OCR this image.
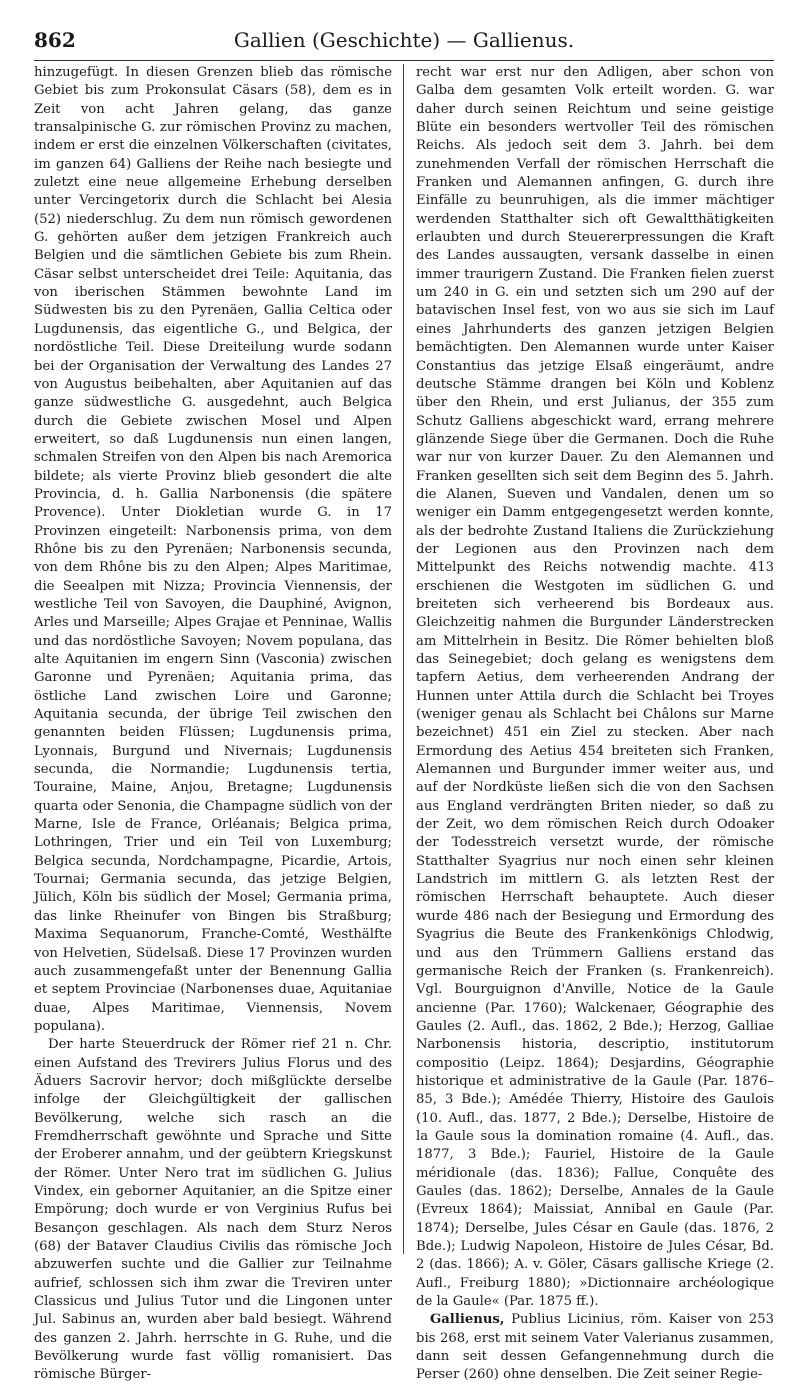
862	Gallien (Geschichte) — Gallienus.

hinzugefügt. In diesen Grenzen blieb das römische Gebiet bis zum Prokonsulat Cäsars (58), dem es in Zeit von acht Jahren gelang, das ganze transalpinische G. zur römischen Provinz zu machen, indem er erst die einzelnen Völkerschaften (civitates, im ganzen 64) Galliens der Reihe nach besiegte und zuletzt eine neue allgemeine Erhebung derselben unter Vercingetorix durch die Schlacht bei Alesia (52) niederschlug. Zu dem nun römisch gewordenen G. gehörten außer dem jetzigen Frankreich auch Belgien und die sämtlichen Gebiete bis zum Rhein. Cäsar selbst unterscheidet drei Teile: Aquitania, das von iberischen Stämmen bewohnte Land im Südwesten bis zu den Pyrenäen, Gallia Celtica oder Lugdunensis, das eigentliche G., und Belgica, der nordöstliche Teil. Diese Dreiteilung wurde sodann bei der Organisation der Verwaltung des Landes 27 von Augustus beibehalten, aber Aquitanien auf das ganze südwestliche G. ausgedehnt, auch Belgica durch die Gebiete zwischen Mosel und Alpen erweitert, so daß Lugdunensis nun einen langen, schmalen Streifen von den Alpen bis nach Aremorica bildete; als vierte Provinz blieb gesondert die alte Provincia, d. h. Gallia Narbonensis (die spätere Provence). Unter Diokletian wurde G. in 17 Provinzen eingeteilt: Narbonensis prima, von dem Rhône bis zu den Pyrenäen; Narbonensis secunda, von dem Rhône bis zu den Alpen; Alpes Maritimae, die Seealpen mit Nizza; Provincia Viennensis, der westliche Teil von Savoyen, die Dauphiné, Avignon, Arles und Marseille; Alpes Grajae et Penninae, Wallis und das nordöstliche Savoyen; Novem populana, das alte Aquitanien im engern Sinn (Vasconia) zwischen Garonne und Pyrenäen; Aquitania prima, das östliche Land zwischen Loire und Garonne; Aquitania secunda, der übrige Teil zwischen den genannten beiden Flüssen; Lugdunensis prima, Lyonnais, Burgund und Nivernais; Lugdunensis secunda, die Normandie; Lugdunensis tertia, Touraine, Maine, Anjou, Bretagne; Lugdunensis quarta oder Senonia, die Champagne südlich von der Marne, Isle de France, Orléanais; Belgica prima, Lothringen, Trier und ein Teil von Luxemburg; Belgica secunda, Nordchampagne, Picardie, Artois, Tournai; Germania secunda, das jetzige Belgien, Jülich, Köln bis südlich der Mosel; Germania prima, das linke Rheinufer von Bingen bis Straßburg; Maxima Sequanorum, Franche-Comté, Westhälfte von Helvetien, Südelsaß. Diese 17 Provinzen wurden auch zusammengefaßt unter der Benennung Gallia et septem Provinciae (Narbonenses duae, Aquitaniae duae, Alpes Maritimae, Viennensis, Novem populana).

Der harte Steuerdruck der Römer rief 21 n. Chr. einen Aufstand des Trevirers Julius Florus und des Äduers Sacrovir hervor; doch mißglückte derselbe infolge der Gleichgültigkeit der gallischen Bevölkerung, welche sich rasch an die Fremdherrschaft gewöhnte und Sprache und Sitte der Eroberer annahm, und der geübtern Kriegskunst der Römer. Unter Nero trat im südlichen G. Julius Vindex, ein geborner Aquitanier, an die Spitze einer Empörung; doch wurde er von Verginius Rufus bei Besançon geschlagen. Als nach dem Sturz Neros (68) der Bataver Claudius Civilis das römische Joch abzuwerfen suchte und die Gallier zur Teilnahme aufrief, schlossen sich ihm zwar die Treviren unter Classicus und Julius Tutor und die Lingonen unter Jul. Sabinus an, wurden aber bald besiegt. Während des ganzen 2. Jahrh. herrschte in G. Ruhe, und die Bevölkerung wurde fast völlig romanisiert. Das römische Bürger-

recht war erst nur den Adligen, aber schon von Galba dem gesamten Volk erteilt worden. G. war daher durch seinen Reichtum und seine geistige Blüte ein besonders wertvoller Teil des römischen Reichs. Als jedoch seit dem 3. Jahrh. bei dem zunehmenden Verfall der römischen Herrschaft die Franken und Alemannen anfingen, G. durch ihre Einfälle zu beunruhigen, als die immer mächtiger werdenden Statthalter sich oft Gewaltthätigkeiten erlaubten und durch Steuererpressungen die Kraft des Landes aussaugten, versank dasselbe in einen immer traurigern Zustand. Die Franken fielen zuerst um 240 in G. ein und setzten sich um 290 auf der batavischen Insel fest, von wo aus sie sich im Lauf eines Jahrhunderts des ganzen jetzigen Belgien bemächtigten. Den Alemannen wurde unter Kaiser Constantius das jetzige Elsaß eingeräumt, andre deutsche Stämme drangen bei Köln und Koblenz über den Rhein, und erst Julianus, der 355 zum Schutz Galliens abgeschickt ward, errang mehrere glänzende Siege über die Germanen. Doch die Ruhe war nur von kurzer Dauer. Zu den Alemannen und Franken gesellten sich seit dem Beginn des 5. Jahrh. die Alanen, Sueven und Vandalen, denen um so weniger ein Damm entgegengesetzt werden konnte, als der bedrohte Zustand Italiens die Zurückziehung der Legionen aus den Provinzen nach dem Mittelpunkt des Reichs notwendig machte. 413 erschienen die Westgoten im südlichen G. und breiteten sich verheerend bis Bordeaux aus. Gleichzeitig nahmen die Burgunder Länderstrecken am Mittelrhein in Besitz. Die Römer behielten bloß das Seinegebiet; doch gelang es wenigstens dem tapfern Aetius, dem verheerenden Andrang der Hunnen unter Attila durch die Schlacht bei Troyes (weniger genau als Schlacht bei Châlons sur Marne bezeichnet) 451 ein Ziel zu stecken. Aber nach Ermordung des Aetius 454 breiteten sich Franken, Alemannen und Burgunder immer weiter aus, und auf der Nordküste ließen sich die von den Sachsen aus England verdrängten Briten nieder, so daß zu der Zeit, wo dem römischen Reich durch Odoaker der Todesstreich versetzt wurde, der römische Statthalter Syagrius nur noch einen sehr kleinen Landstrich im mittlern G. als letzten Rest der römischen Herrschaft behauptete. Auch dieser wurde 486 nach der Besiegung und Ermordung des Syagrius die Beute des Frankenkönigs Chlodwig, und aus den Trümmern Galliens erstand das germanische Reich der Franken (s. Frankenreich). Vgl. Bourguignon d'Anville, Notice de la Gaule ancienne (Par. 1760); Walckenaer, Géographie des Gaules (2. Aufl., das. 1862, 2 Bde.); Herzog, Galliae Narbonensis historia, descriptio, institutorum compositio (Leipz. 1864); Desjardins, Géographie historique et administrative de la Gaule (Par. 1876–85, 3 Bde.); Amédée Thierry, Histoire des Gaulois (10. Aufl., das. 1877, 2 Bde.); Derselbe, Histoire de la Gaule sous la domination romaine (4. Aufl., das. 1877, 3 Bde.); Fauriel, Histoire de la Gaule méridionale (das. 1836); Fallue, Conquête des Gaules (das. 1862); Derselbe, Annales de la Gaule (Evreux 1864); Maissiat, Annibal en Gaule (Par. 1874); Derselbe, Jules César en Gaule (das. 1876, 2 Bde.); Ludwig Napoleon, Histoire de Jules César, Bd. 2 (das. 1866); A. v. Göler, Cäsars gallische Kriege (2. Aufl., Freiburg 1880); »Dictionnaire archéologique de la Gaule« (Par. 1875 ff.).

Gallienus, Publius Licinius, röm. Kaiser von 253 bis 268, erst mit seinem Vater Valerianus zusammen, dann seit dessen Gefangennehmung durch die Perser (260) ohne denselben. Die Zeit seiner Regie-
